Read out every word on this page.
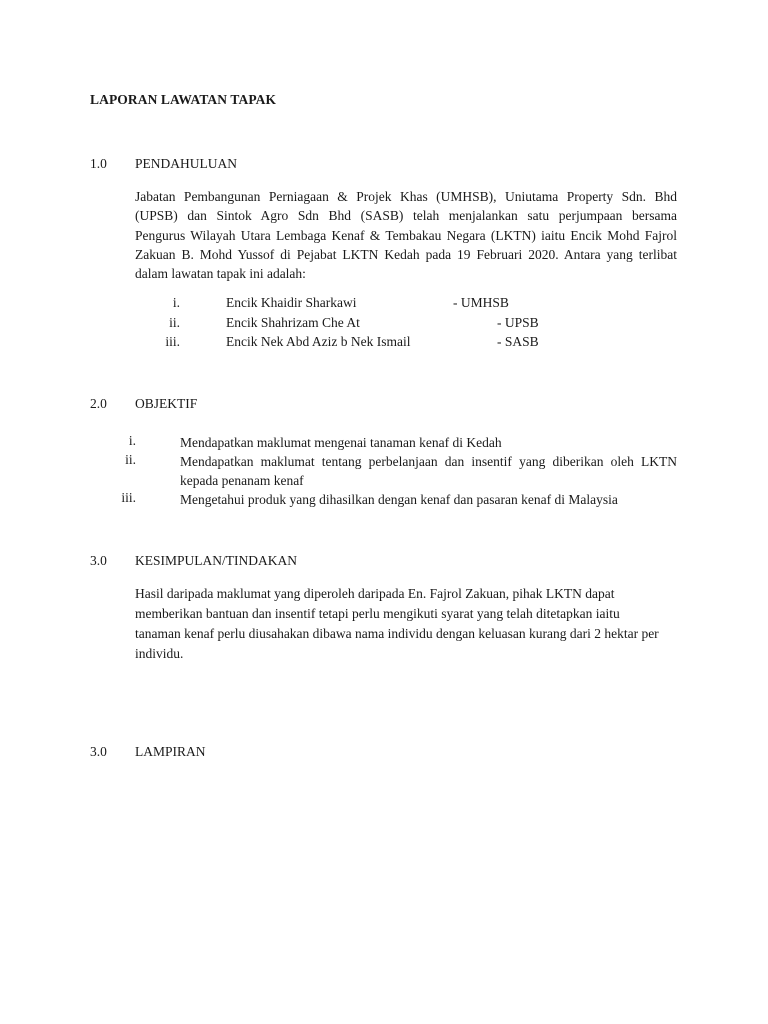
LAPORAN LAWATAN TAPAK
1.0 PENDAHULUAN
Jabatan Pembangunan Perniagaan & Projek Khas (UMHSB), Uniutama Property Sdn. Bhd
(UPSB) dan Sintok Agro Sdn Bhd (SASB) telah menjalankan satu perjumpaan bersama
Pengurus Wilayah Utara Lembaga Kenaf & Tembakau Negara (LKTN) iaitu Encik Mohd Fajrol
Zakuan B. Mohd Yussof di Pejabat LKTN Kedah pada 19 Februari 2020. Antara yang terlibat
dalam lawatan tapak ini adalah:
i.	Encik Khaidir Sharkawi	- UMHSB
ii.	Encik Shahrizam Che At	- UPSB
iii.	Encik Nek Abd Aziz b Nek Ismail	- SASB
2.0 OBJEKTIF
i.	Mendapatkan maklumat mengenai tanaman kenaf di Kedah
ii.	Mendapatkan maklumat tentang perbelanjaan dan insentif yang diberikan oleh LKTN
kepada penanam kenaf
iii.	Mengetahui produk yang dihasilkan dengan kenaf dan pasaran kenaf di Malaysia
3.0 KESIMPULAN/TINDAKAN
Hasil daripada maklumat yang diperoleh daripada En. Fajrol Zakuan, pihak LKTN dapat
memberikan bantuan dan insentif tetapi perlu mengikuti syarat yang telah ditetapkan iaitu
tanaman kenaf perlu diusahakan dibawa nama individu dengan keluasan kurang dari 2 hektar per
individu.
3.0 LAMPIRAN
